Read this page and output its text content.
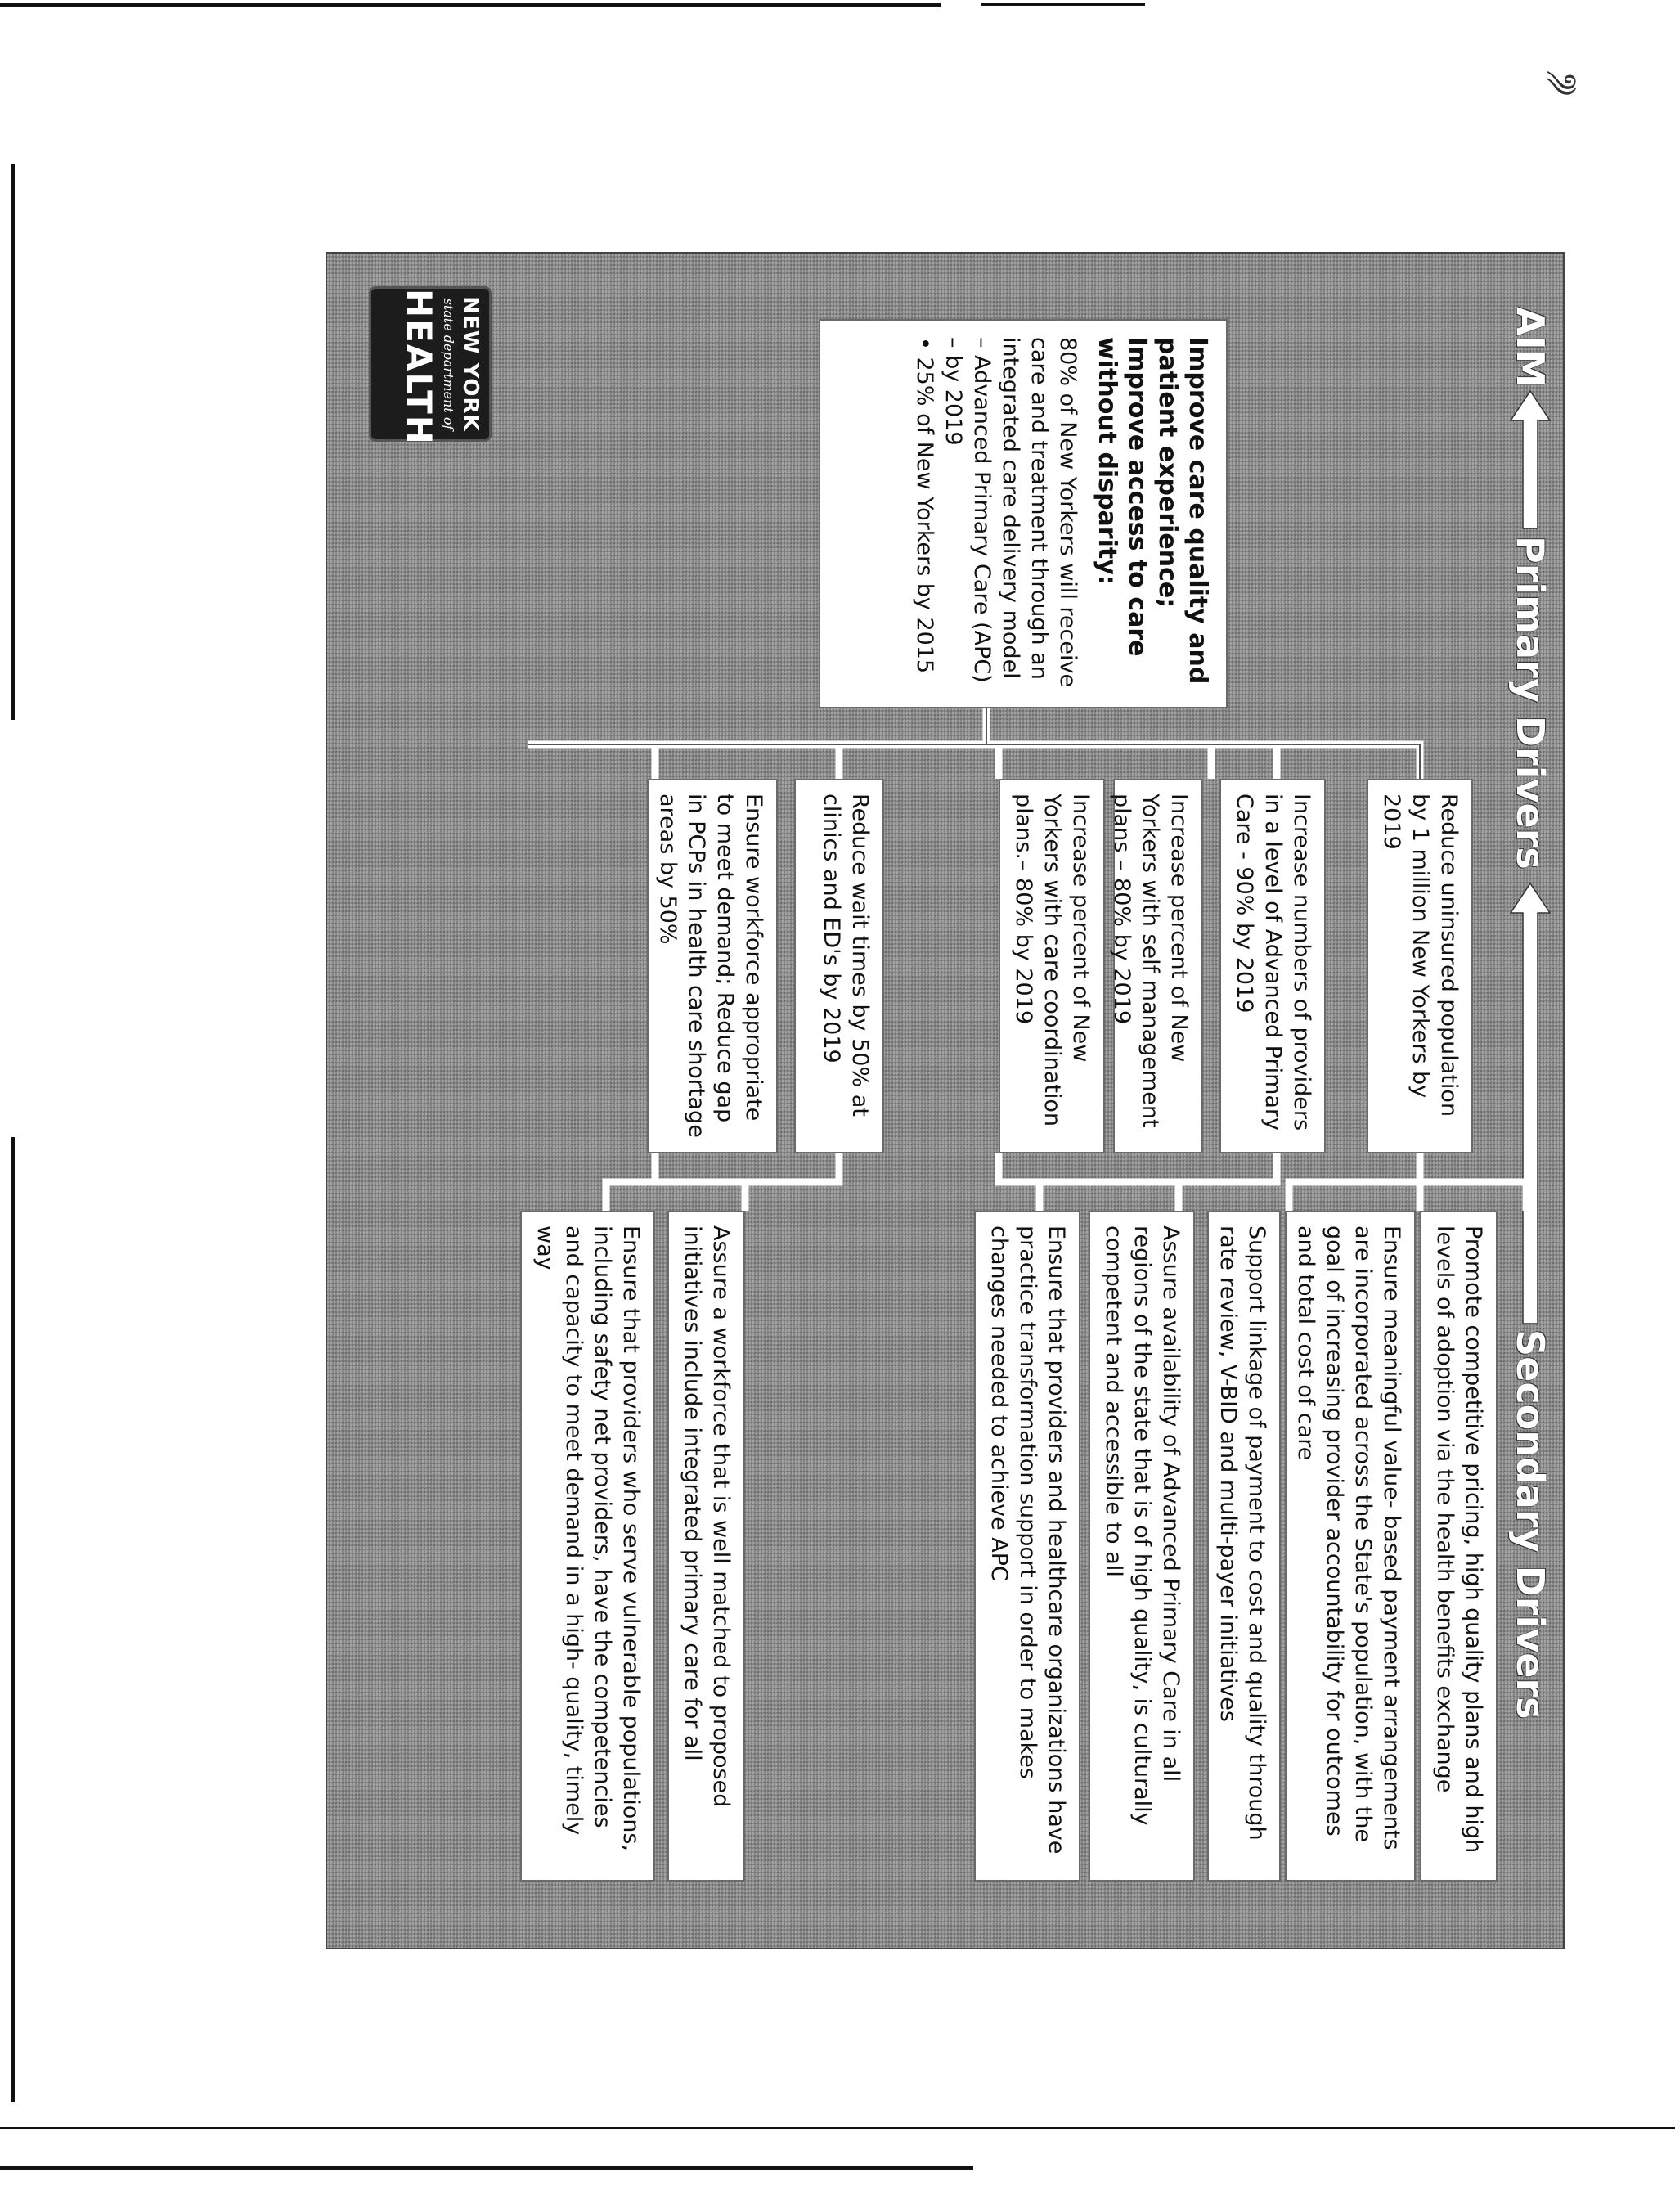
༄
AIM
Primary Drivers
Secondary Drivers
Improve care quality and patient experience; Improve access to care without disparity:
80% of New Yorkers will receive care and treatment through an integrated care delivery model – Advanced Primary Care (APC) – by 2019
• 25% of New Yorkers by 2015
Reduce uninsured population by 1 million New Yorkers by 2019
Increase numbers of providers in a level of Advanced Primary Care - 90% by 2019
Increase percent of New Yorkers with self management plans – 80% by 2019
Increase percent of New Yorkers with care coordination plans.– 80% by 2019
Reduce wait times by 50% at clinics and ED's by 2019
Ensure workforce appropriate to meet demand; Reduce gap in PCPs in health care shortage areas by 50%
Promote competitive pricing, high quality plans and high levels of adoption via the health benefits exchange
Ensure meaningful value- based payment arrangements are incorporated across the State's population, with the goal of increasing provider accountability for outcomes and total cost of care
Support linkage of payment to cost and quality through rate review, V-BID and multi-payer initiatives
Assure availability of Advanced Primary Care in all regions of the state that is of high quality, is culturally competent and accessible to all
Ensure that providers and healthcare organizations have practice transformation support in order to makes changes needed to achieve APC
Assure a workforce that is well matched to proposed initiatives include integrated primary care for all
Ensure that providers who serve vulnerable populations, including safety net providers, have the competencies and capacity to meet demand in a high- quality, timely way
NEW YORK
state department of
HEALTH
